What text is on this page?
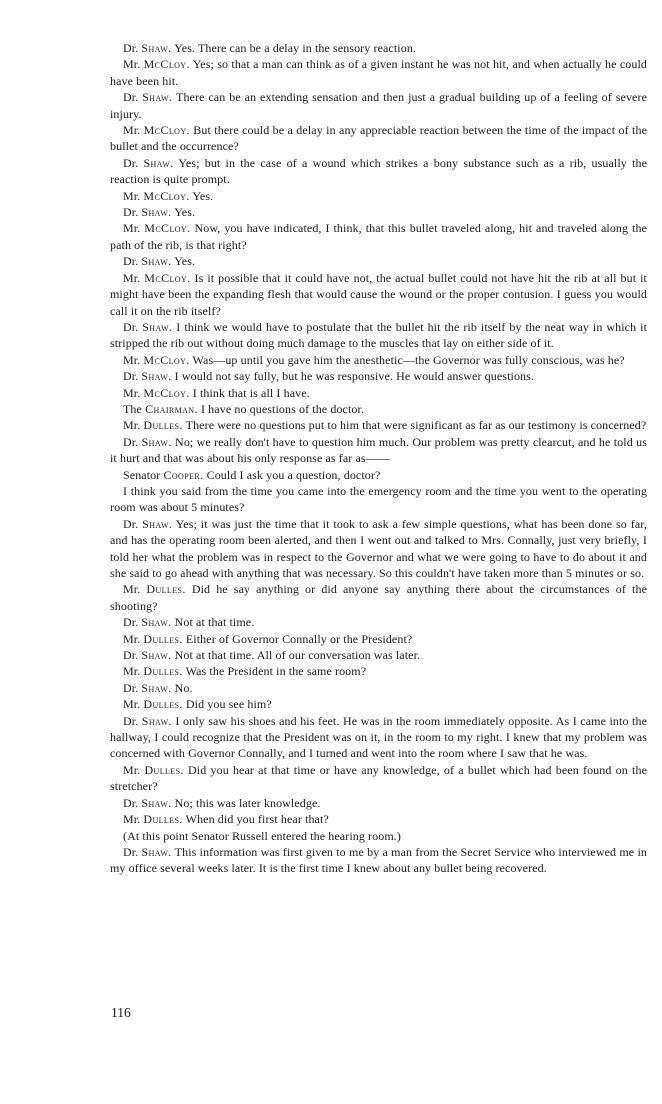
Dr. Shaw. Yes. There can be a delay in the sensory reaction.

Mr. McCloy. Yes; so that a man can think as of a given instant he was not hit, and when actually he could have been hit.

Dr. Shaw. There can be an extending sensation and then just a gradual building up of a feeling of severe injury.

Mr. McCloy. But there could be a delay in any appreciable reaction between the time of the impact of the bullet and the occurrence?

Dr. Shaw. Yes; but in the case of a wound which strikes a bony substance such as a rib, usually the reaction is quite prompt.

Mr. McCloy. Yes.

Dr. Shaw. Yes.

Mr. McCloy. Now, you have indicated, I think, that this bullet traveled along, hit and traveled along the path of the rib, is that right?

Dr. Shaw. Yes.

Mr. McCloy. Is it possible that it could have not, the actual bullet could not have hit the rib at all but it might have been the expanding flesh that would cause the wound or the proper contusion. I guess you would call it on the rib itself?

Dr. Shaw. I think we would have to postulate that the bullet hit the rib itself by the neat way in which it stripped the rib out without doing much damage to the muscles that lay on either side of it.

Mr. McCloy. Was—up until you gave him the anesthetic—the Governor was fully conscious, was he?

Dr. Shaw. I would not say fully, but he was responsive. He would answer questions.

Mr. McCloy. I think that is all I have.

The Chairman. I have no questions of the doctor.

Mr. Dulles. There were no questions put to him that were significant as far as our testimony is concerned?

Dr. Shaw. No; we really don't have to question him much. Our problem was pretty clearcut, and he told us it hurt and that was about his only response as far as——

Senator Cooper. Could I ask you a question, doctor?

I think you said from the time you came into the emergency room and the time you went to the operating room was about 5 minutes?

Dr. Shaw. Yes; it was just the time that it took to ask a few simple questions, what has been done so far, and has the operating room been alerted, and then I went out and talked to Mrs. Connally, just very briefly, I told her what the problem was in respect to the Governor and what we were going to have to do about it and she said to go ahead with anything that was necessary. So this couldn't have taken more than 5 minutes or so.

Mr. Dulles. Did he say anything or did anyone say anything there about the circumstances of the shooting?

Dr. Shaw. Not at that time.

Mr. Dulles. Either of Governor Connally or the President?

Dr. Shaw. Not at that time. All of our conversation was later.

Mr. Dulles. Was the President in the same room?

Dr. Shaw. No.

Mr. Dulles. Did you see him?

Dr. Shaw. I only saw his shoes and his feet. He was in the room immediately opposite. As I came into the hallway, I could recognize that the President was on it, in the room to my right. I knew that my problem was concerned with Governor Connally, and I turned and went into the room where I saw that he was.

Mr. Dulles. Did you hear at that time or have any knowledge, of a bullet which had been found on the stretcher?

Dr. Shaw. No; this was later knowledge.

Mr. Dulles. When did you first hear that?

(At this point Senator Russell entered the hearing room.)

Dr. Shaw. This information was first given to me by a man from the Secret Service who interviewed me in my office several weeks later. It is the first time I knew about any bullet being recovered.

116
